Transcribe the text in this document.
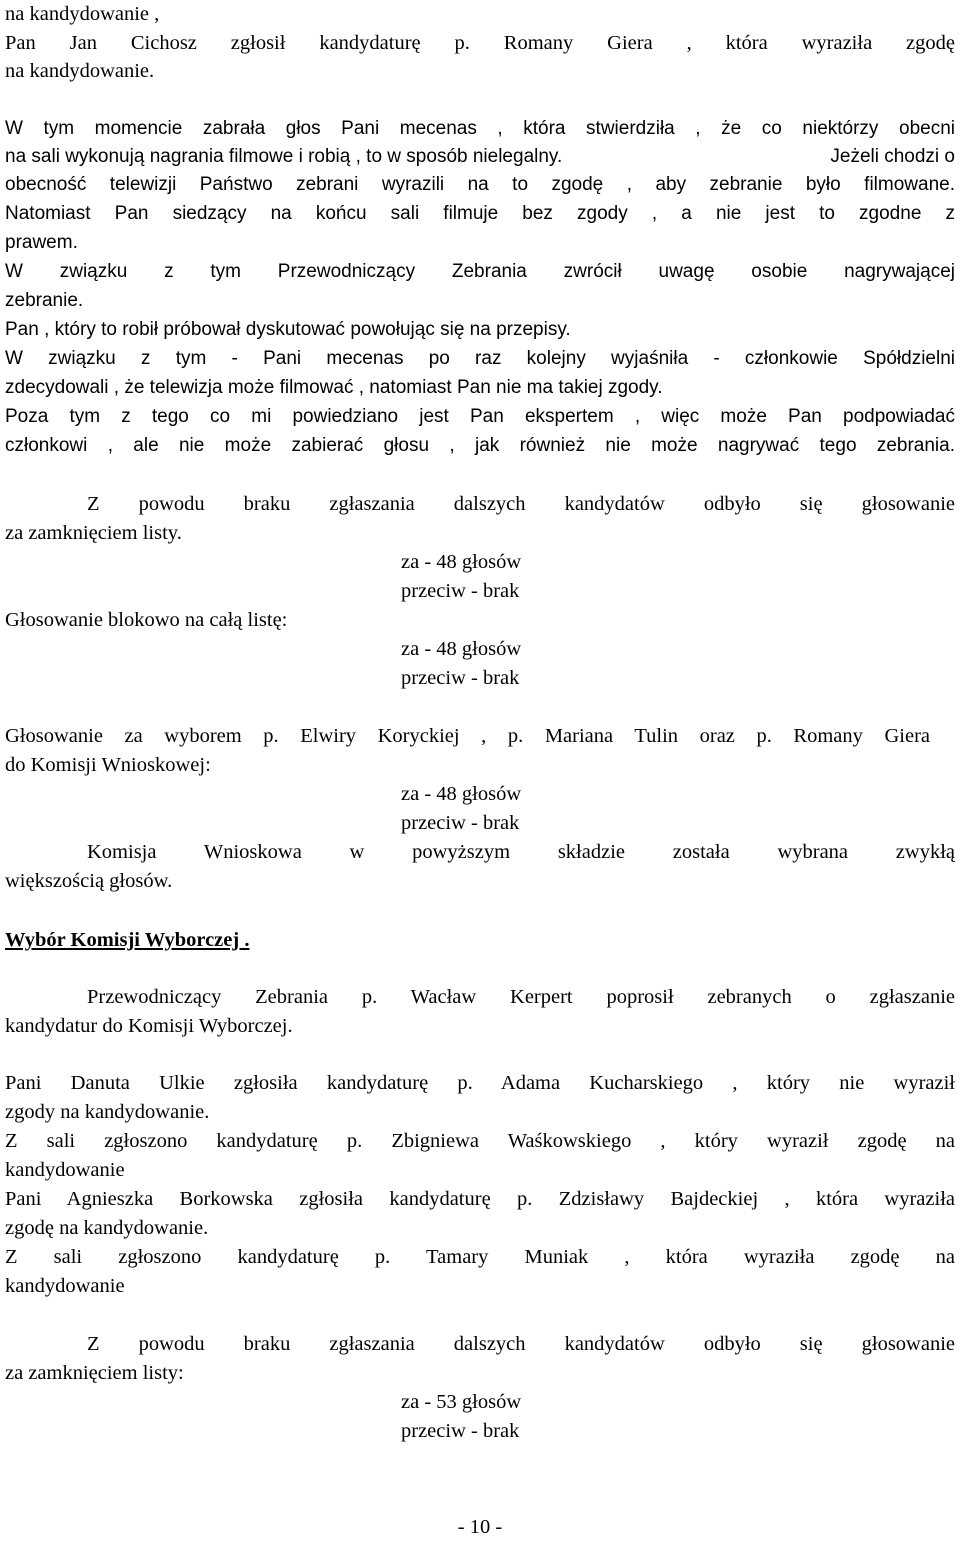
na kandydowanie ,

Pan Jan Cichosz zgłosił kandydaturę p. Romany Giera , która wyraziła zgodę

na kandydowanie.

W tym momencie zabrała głos Pani mecenas , która stwierdziła , że co niektórzy obecni

na sali wykonują nagrania filmowe i robią , to w sposób nielegalny.	Jeżeli chodzi o

obecność telewizji Państwo zebrani wyrazili na to zgodę , aby zebranie było filmowane.

Natomiast Pan siedzący na końcu sali filmuje bez zgody , a nie jest to zgodne z

prawem.

W związku z tym Przewodniczący Zebrania zwrócił uwagę osobie nagrywającej

zebranie.

Pan , który to robił próbował dyskutować powołując się na przepisy.

W związku z tym - Pani mecenas po raz kolejny wyjaśniła - członkowie Spółdzielni

zdecydowali , że telewizja może filmować , natomiast Pan nie ma takiej zgody.

Poza tym z tego co mi powiedziano jest Pan ekspertem , więc może Pan podpowiadać

członkowi , ale nie może zabierać głosu , jak również nie może nagrywać tego zebrania.

Z powodu braku zgłaszania dalszych kandydatów odbyło się głosowanie

za zamknięciem listy.

za - 48 głosów

przeciw - brak

Głosowanie blokowo na całą listę:

za - 48 głosów

przeciw - brak

Głosowanie za wyborem p. Elwiry Koryckiej , p. Mariana Tulin oraz p. Romany Giera

do Komisji Wnioskowej:

za - 48 głosów

przeciw - brak

Komisja Wnioskowa w powyższym składzie została wybrana zwykłą

większością głosów.

Wybór Komisji Wyborczej .

Przewodniczący Zebrania p. Wacław Kerpert poprosił zebranych o zgłaszanie

kandydatur do Komisji Wyborczej.

Pani Danuta Ulkie zgłosiła kandydaturę p. Adama Kucharskiego , który nie wyraził

zgody na kandydowanie.

Z sali zgłoszono kandydaturę p. Zbigniewa Waśkowskiego , który wyraził zgodę na

kandydowanie

Pani Agnieszka Borkowska zgłosiła kandydaturę p. Zdzisławy Bajdeckiej , która wyraziła

zgodę na kandydowanie.

Z sali zgłoszono kandydaturę p. Tamary Muniak , która wyraziła zgodę na

kandydowanie

Z powodu braku zgłaszania dalszych kandydatów odbyło się głosowanie

za zamknięciem listy:

za - 53 głosów

przeciw - brak

- 10 -
